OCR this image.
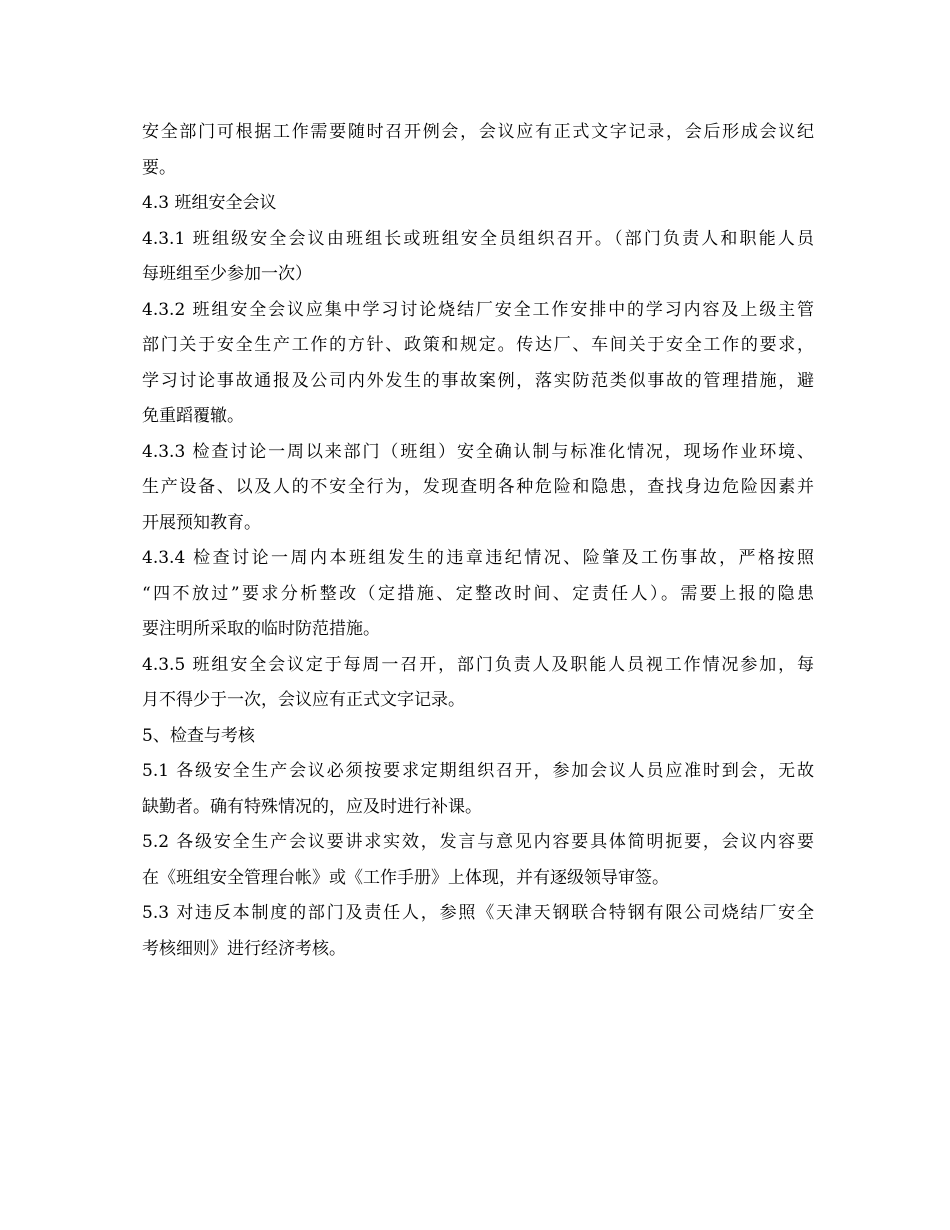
安全部门可根据工作需要随时召开例会，会议应有正式文字记录，会后形成会议纪
要。
4.3 班组安全会议
4.3.1 班组级安全会议由班组长或班组安全员组织召开。（部门负责人和职能人员
每班组至少参加一次）
4.3.2 班组安全会议应集中学习讨论烧结厂安全工作安排中的学习内容及上级主管
部门关于安全生产工作的方针、政策和规定。传达厂、车间关于安全工作的要求，
学习讨论事故通报及公司内外发生的事故案例，落实防范类似事故的管理措施，避
免重蹈覆辙。
4.3.3 检查讨论一周以来部门（班组）安全确认制与标准化情况，现场作业环境、
生产设备、以及人的不安全行为，发现查明各种危险和隐患，查找身边危险因素并
开展预知教育。
4.3.4 检查讨论一周内本班组发生的违章违纪情况、险肇及工伤事故，严格按照
“四不放过”要求分析整改（定措施、定整改时间、定责任人）。需要上报的隐患
要注明所采取的临时防范措施。
4.3.5 班组安全会议定于每周一召开，部门负责人及职能人员视工作情况参加，每
月不得少于一次，会议应有正式文字记录。
5、检查与考核
5.1 各级安全生产会议必须按要求定期组织召开，参加会议人员应准时到会，无故
缺勤者。确有特殊情况的，应及时进行补课。
5.2 各级安全生产会议要讲求实效，发言与意见内容要具体简明扼要，会议内容要
在《班组安全管理台帐》或《工作手册》上体现，并有逐级领导审签。
5.3 对违反本制度的部门及责任人，参照《天津天钢联合特钢有限公司烧结厂安全
考核细则》进行经济考核。
